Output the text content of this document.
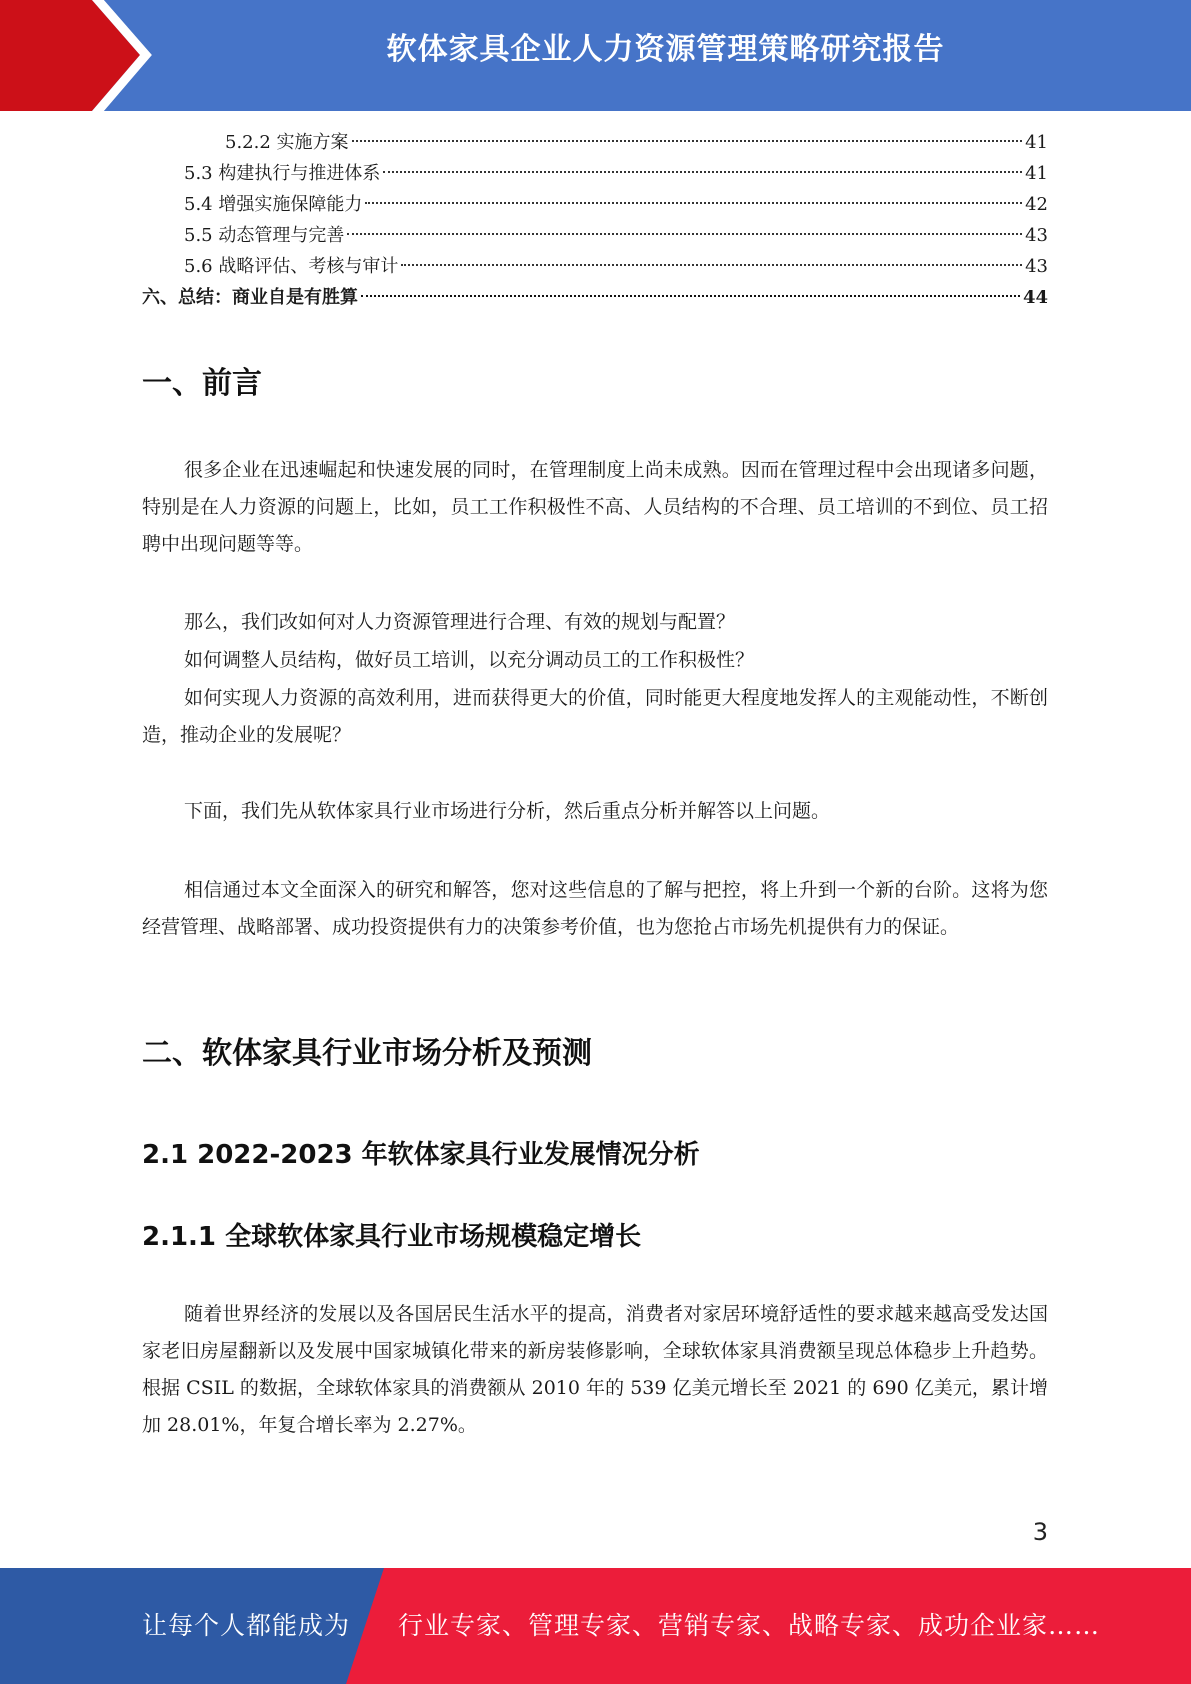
软体家具企业人力资源管理策略研究报告
5.2.2 实施方案	41
5.3 构建执行与推进体系	41
5.4 增强实施保障能力	42
5.5 动态管理与完善	43
5.6 战略评估、考核与审计	43
六、总结：商业自是有胜算	44
一、前言

很多企业在迅速崛起和快速发展的同时，在管理制度上尚未成熟。因而在管理过程中会出现诸多问题，特别是在人力资源的问题上，比如，员工工作积极性不高、人员结构的不合理、员工培训的不到位、员工招聘中出现问题等等。

那么，我们改如何对人力资源管理进行合理、有效的规划与配置？

如何调整人员结构，做好员工培训，以充分调动员工的工作积极性？

如何实现人力资源的高效利用，进而获得更大的价值，同时能更大程度地发挥人的主观能动性，不断创造，推动企业的发展呢？

下面，我们先从软体家具行业市场进行分析，然后重点分析并解答以上问题。

相信通过本文全面深入的研究和解答，您对这些信息的了解与把控，将上升到一个新的台阶。这将为您经营管理、战略部署、成功投资提供有力的决策参考价值，也为您抢占市场先机提供有力的保证。

二、软体家具行业市场分析及预测
2.1 2022-2023 年软体家具行业发展情况分析
2.1.1 全球软体家具行业市场规模稳定增长

随着世界经济的发展以及各国居民生活水平的提高，消费者对家居环境舒适性的要求越来越高受发达国家老旧房屋翻新以及发展中国家城镇化带来的新房装修影响，全球软体家具消费额呈现总体稳步上升趋势。根据 CSIL 的数据，全球软体家具的消费额从 2010 年的 539 亿美元增长至 2021 的 690 亿美元，累计增加 28.01%，年复合增长率为 2.27%。

3
让每个人都能成为 行业专家、管理专家、营销专家、战略专家、成功企业家……
